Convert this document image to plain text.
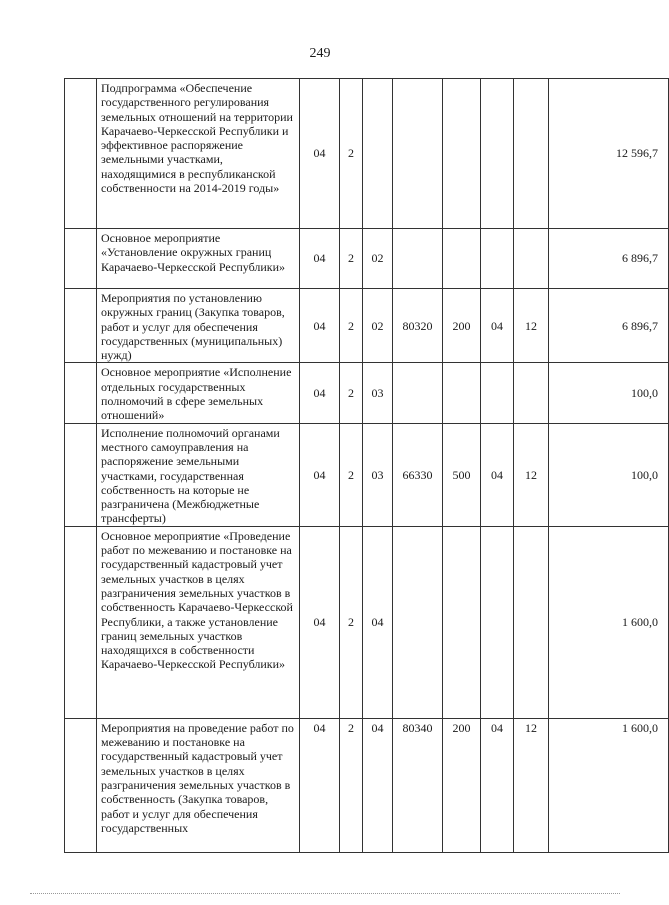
249
	Подпрограмма «Обеспечение государственного регулирования земельных отношений на территории Карачаево-Черкесской Республики и эффективное распоряжение земельными участками, находящимися в республиканской собственности на 2014-2019 годы»	04	2						12 596,7
	Основное мероприятие «Установление окружных границ Карачаево-Черкесской Республики»	04	2	02					6 896,7
	Мероприятия по установлению окружных границ (Закупка товаров, работ и услуг для обеспечения государственных (муниципальных) нужд)	04	2	02	80320	200	04	12	6 896,7
	Основное мероприятие «Исполнение отдельных государственных полномочий в сфере земельных отношений»	04	2	03					100,0
	Исполнение полномочий органами местного самоуправления на распоряжение земельными участками, государственная собственность на которые не разграничена (Межбюджетные трансферты)	04	2	03	66330	500	04	12	100,0
	Основное мероприятие «Проведение работ по межеванию и постановке на государственный кадастровый учет земельных участков в целях разграничения земельных участков в собственность Карачаево-Черкесской Республики, а также установление границ земельных участков находящихся в собственности Карачаево-Черкесской Республики»	04	2	04					1 600,0
	Мероприятия на проведение работ по межеванию и постановке на государственный кадастровый учет земельных участков в целях разграничения земельных участков в собственность (Закупка товаров, работ и услуг для обеспечения государственных	04	2	04	80340	200	04	12	1 600,0
